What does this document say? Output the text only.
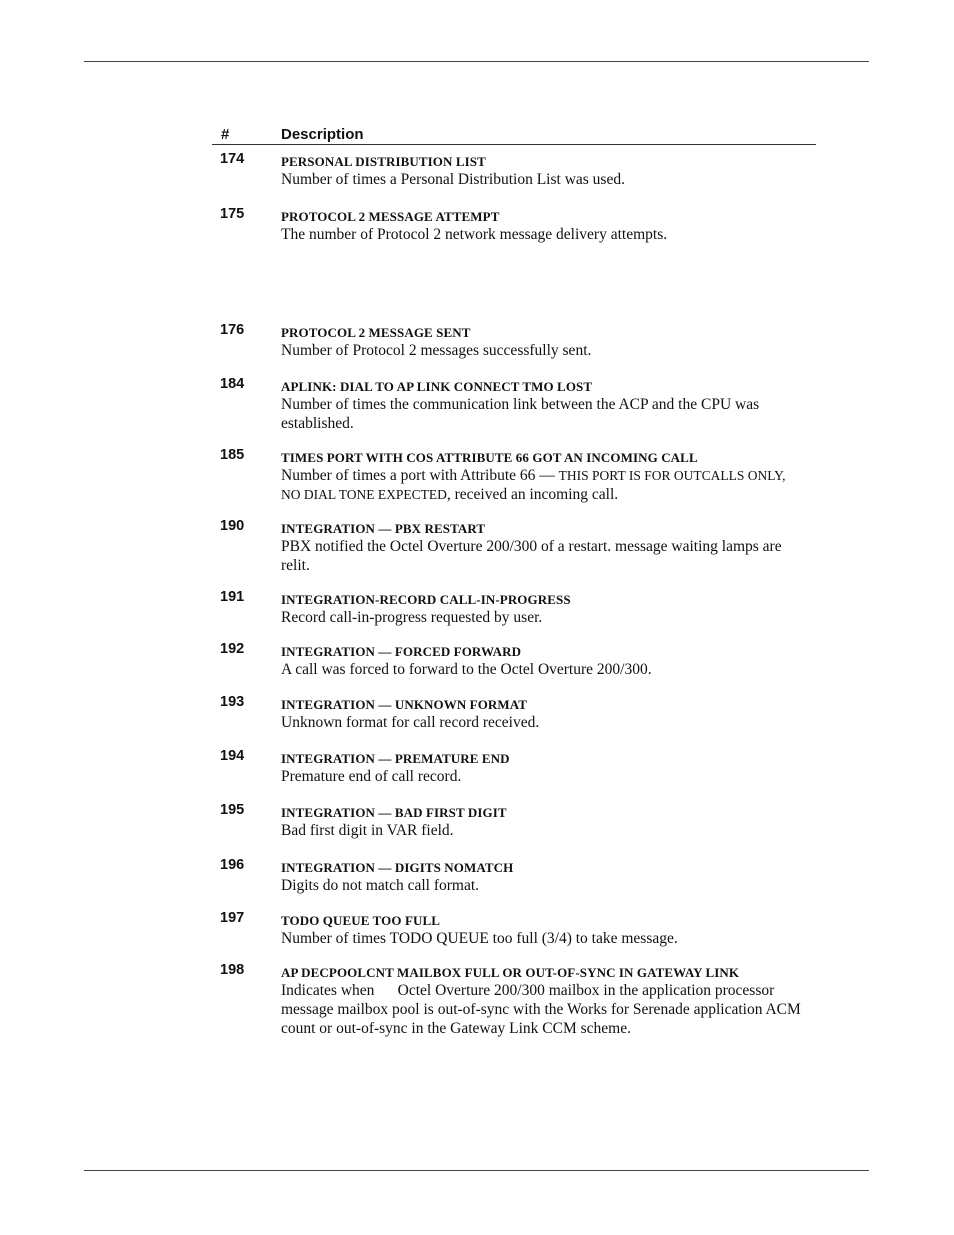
#	Description
174	PERSONAL DISTRIBUTION LIST
Number of times a Personal Distribution List was used.
175	PROTOCOL 2 MESSAGE ATTEMPT
The number of Protocol 2 network message delivery attempts.
176	PROTOCOL 2 MESSAGE SENT
Number of Protocol 2 messages successfully sent.
184	APLINK: DIAL TO AP LINK CONNECT TMO LOST
Number of times the communication link between the ACP and the CPU was established.
185	TIMES PORT WITH COS ATTRIBUTE 66 GOT AN INCOMING CALL
Number of times a port with Attribute 66 — THIS PORT IS FOR OUTCALLS ONLY, NO DIAL TONE EXPECTED, received an incoming call.
190	INTEGRATION — PBX RESTART
PBX notified the Octel Overture 200/300 of a restart. message waiting lamps are relit.
191	INTEGRATION-RECORD CALL-IN-PROGRESS
Record call-in-progress requested by user.
192	INTEGRATION — FORCED FORWARD
A call was forced to forward to the Octel Overture 200/300.
193	INTEGRATION — UNKNOWN FORMAT
Unknown format for call record received.
194	INTEGRATION — PREMATURE END
Premature end of call record.
195	INTEGRATION — BAD FIRST DIGIT
Bad first digit in VAR field.
196	INTEGRATION — DIGITS NOMATCH
Digits do not match call format.
197	TODO QUEUE TOO FULL
Number of times TODO QUEUE too full (3/4) to take message.
198	AP DECPOOLCNT MAILBOX FULL OR OUT-OF-SYNC IN GATEWAY LINK
Indicates when      Octel Overture 200/300 mailbox in the application processor message mailbox pool is out-of-sync with the Works for Serenade application ACM count or out-of-sync in the Gateway Link CCM scheme.
